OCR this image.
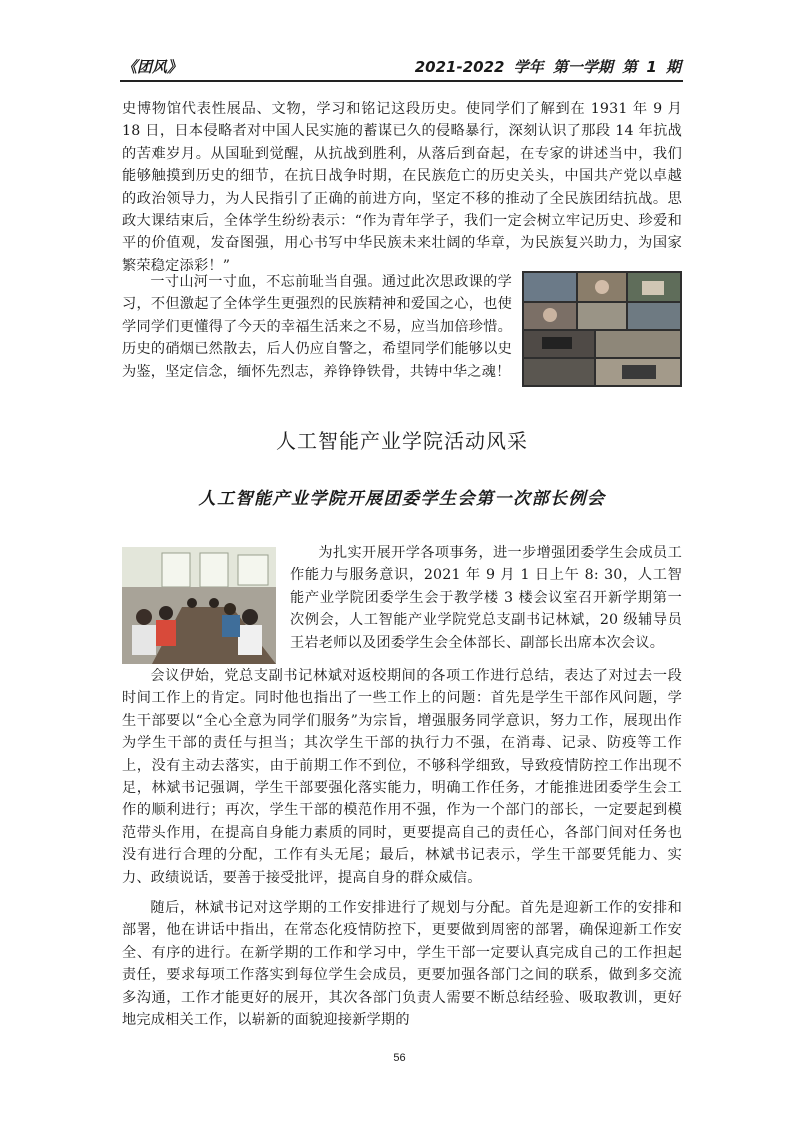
《团风》	2021-2022 学年 第一学期 第 1 期

史博物馆代表性展品、文物，学习和铭记这段历史。使同学们了解到在 1931 年 9 月 18 日，日本侵略者对中国人民实施的蓄谋已久的侵略暴行，深刻认识了那段 14 年抗战的苦难岁月。从国耻到觉醒，从抗战到胜利，从落后到奋起，在专家的讲述当中，我们能够触摸到历史的细节，在抗日战争时期，在民族危亡的历史关头，中国共产党以卓越的政治领导力，为人民指引了正确的前进方向，坚定不移的推动了全民族团结抗战。思政大课结束后，全体学生纷纷表示：“作为青年学子，我们一定会树立牢记历史、珍爱和平的价值观，发奋图强，用心书写中华民族未来壮阔的华章，为民族复兴助力，为国家繁荣稳定添彩！”

一寸山河一寸血，不忘前耻当自强。通过此次思政课的学习，不但激起了全体学生更强烈的民族精神和爱国之心，也使学同学们更懂得了今天的幸福生活来之不易，应当加倍珍惜。历史的硝烟已然散去，后人仍应自警之，希望同学们能够以史为鉴，坚定信念，缅怀先烈志，养铮铮铁骨，共铸中华之魂！

人工智能产业学院活动风采
人工智能产业学院开展团委学生会第一次部长例会

为扎实开展开学各项事务，进一步增强团委学生会成员工作能力与服务意识，2021 年 9 月 1 日上午 8: 30，人工智能产业学院团委学生会于教学楼 3 楼会议室召开新学期第一次例会，人工智能产业学院党总支副书记林斌，20 级辅导员王岩老师以及团委学生会全体部长、副部长出席本次会议。

会议伊始，党总支副书记林斌对返校期间的各项工作进行总结，表达了对过去一段时间工作上的肯定。同时他也指出了一些工作上的问题：首先是学生干部作风问题，学生干部要以“全心全意为同学们服务”为宗旨，增强服务同学意识，努力工作，展现出作为学生干部的责任与担当；其次学生干部的执行力不强，在消毒、记录、防疫等工作上，没有主动去落实，由于前期工作不到位，不够科学细致，导致疫情防控工作出现不足，林斌书记强调，学生干部要强化落实能力，明确工作任务，才能推进团委学生会工作的顺利进行；再次，学生干部的模范作用不强，作为一个部门的部长，一定要起到模范带头作用，在提高自身能力素质的同时，更要提高自己的责任心，各部门间对任务也没有进行合理的分配，工作有头无尾；最后，林斌书记表示，学生干部要凭能力、实力、政绩说话，要善于接受批评，提高自身的群众威信。

随后，林斌书记对这学期的工作安排进行了规划与分配。首先是迎新工作的安排和部署，他在讲话中指出，在常态化疫情防控下，更要做到周密的部署，确保迎新工作安全、有序的进行。在新学期的工作和学习中，学生干部一定要认真完成自己的工作担起责任，要求每项工作落实到每位学生会成员，更要加强各部门之间的联系，做到多交流多沟通，工作才能更好的展开，其次各部门负责人需要不断总结经验、吸取教训，更好地完成相关工作，以崭新的面貌迎接新学期的

56
